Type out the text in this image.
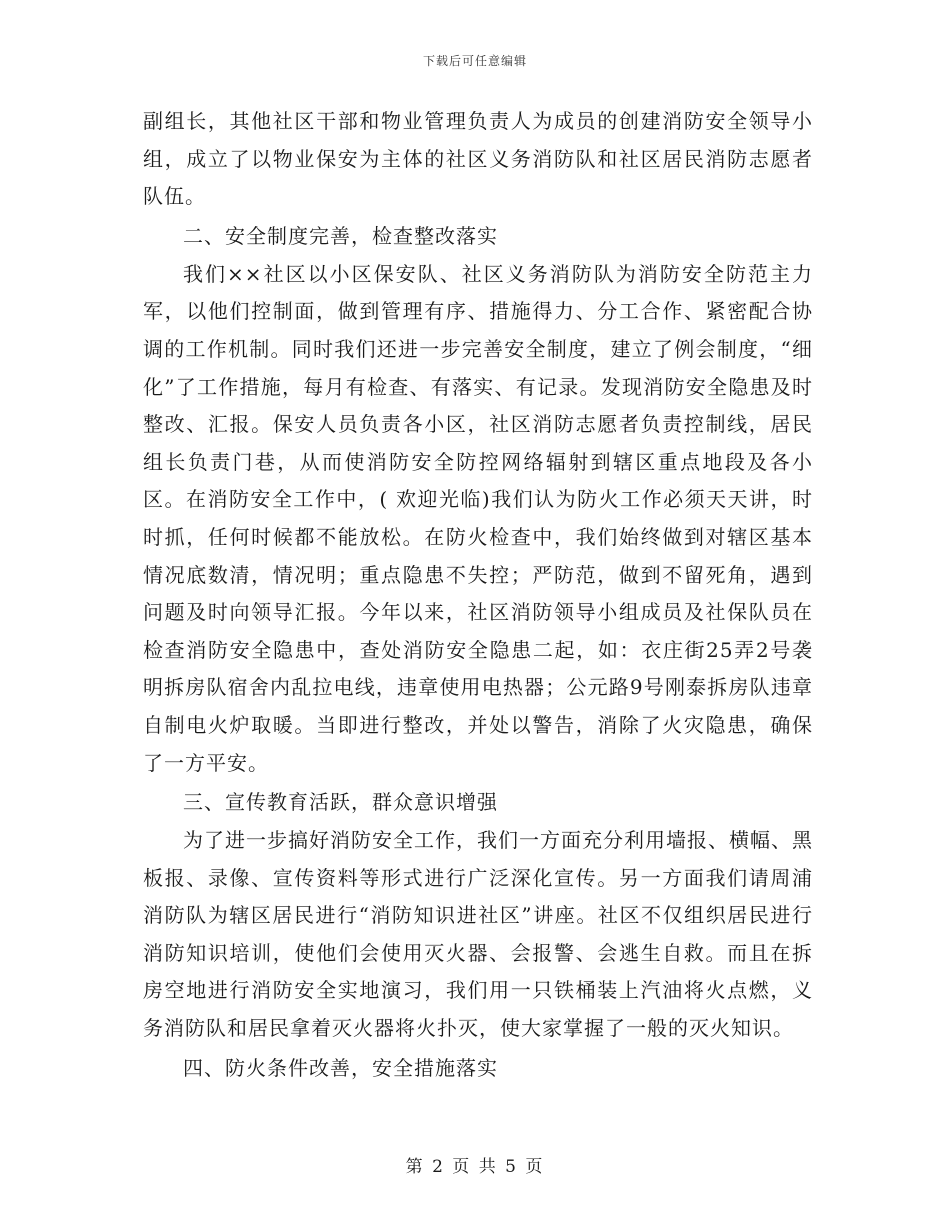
下载后可任意编辑

副组长，其他社区干部和物业管理负责人为成员的创建消防安全领导小组，成立了以物业保安为主体的社区义务消防队和社区居民消防志愿者队伍。

二、安全制度完善，检查整改落实

我们××社区以小区保安队、社区义务消防队为消防安全防范主力军，以他们控制面，做到管理有序、措施得力、分工合作、紧密配合协调的工作机制。同时我们还进一步完善安全制度，建立了例会制度，“细化”了工作措施，每月有检查、有落实、有记录。发现消防安全隐患及时整改、汇报。保安人员负责各小区，社区消防志愿者负责控制线，居民组长负责门巷，从而使消防安全防控网络辐射到辖区重点地段及各小区。在消防安全工作中，( 欢迎光临)我们认为防火工作必须天天讲，时时抓，任何时候都不能放松。在防火检查中，我们始终做到对辖区基本情况底数清，情况明；重点隐患不失控；严防范，做到不留死角，遇到问题及时向领导汇报。今年以来，社区消防领导小组成员及社保队员在检查消防安全隐患中，查处消防安全隐患二起，如：衣庄街25弄2号袭明拆房队宿舍内乱拉电线，违章使用电热器；公元路9号刚泰拆房队违章自制电火炉取暖。当即进行整改，并处以警告，消除了火灾隐患，确保了一方平安。

三、宣传教育活跃，群众意识增强

为了进一步搞好消防安全工作，我们一方面充分利用墙报、横幅、黑板报、录像、宣传资料等形式进行广泛深化宣传。另一方面我们请周浦消防队为辖区居民进行“消防知识进社区”讲座。社区不仅组织居民进行消防知识培训，使他们会使用灭火器、会报警、会逃生自救。而且在拆房空地进行消防安全实地演习，我们用一只铁桶装上汽油将火点燃，义务消防队和居民拿着灭火器将火扑灭，使大家掌握了一般的灭火知识。

四、防火条件改善，安全措施落实

第 2 页 共 5 页
